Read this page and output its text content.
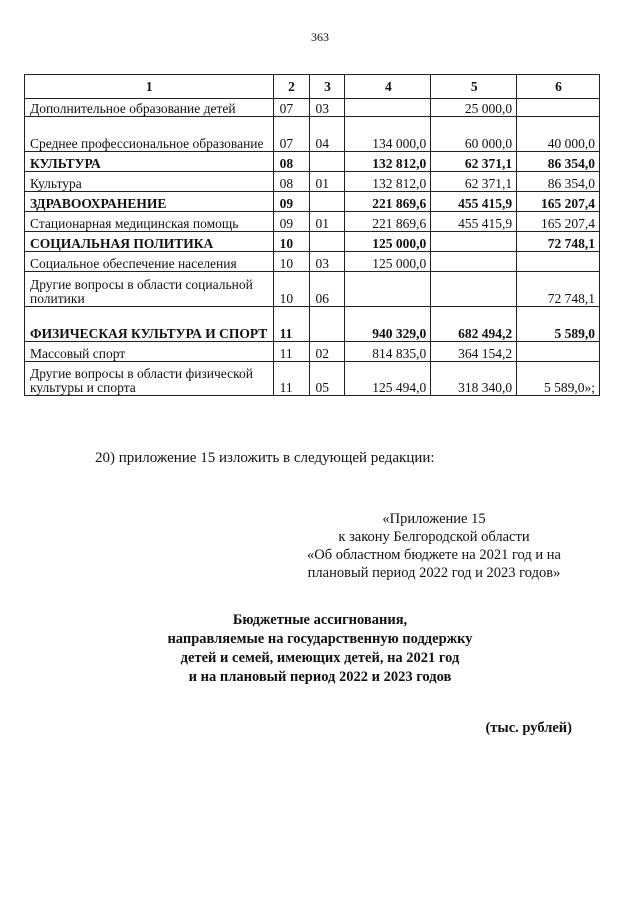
363
1	2	3	4	5	6
Дополнительное образование детей	07	03		25 000,0	
Среднее профессиональное образование	07	04	134 000,0	60 000,0	40 000,0
КУЛЬТУРА	08		132 812,0	62 371,1	86 354,0
Культура	08	01	132 812,0	62 371,1	86 354,0
ЗДРАВООХРАНЕНИЕ	09		221 869,6	455 415,9	165 207,4
Стационарная медицинская помощь	09	01	221 869,6	455 415,9	165 207,4
СОЦИАЛЬНАЯ ПОЛИТИКА	10		125 000,0		72 748,1
Социальное обеспечение населения	10	03	125 000,0		
Другие вопросы в области социальной политики	10	06			72 748,1
ФИЗИЧЕСКАЯ КУЛЬТУРА И СПОРТ	11		940 329,0	682 494,2	5 589,0
Массовый спорт	11	02	814 835,0	364 154,2	
Другие вопросы в области физической культуры и спорта	11	05	125 494,0	318 340,0	5 589,0»;
20) приложение 15 изложить в следующей редакции:
«Приложение 15
к закону Белгородской области
«Об областном бюджете на 2021 год и на
плановый период 2022 год и 2023 годов»
Бюджетные ассигнования,
направляемые на государственную поддержку
детей и семей, имеющих детей, на 2021 год
и на плановый период 2022 и 2023 годов
(тыс. рублей)
